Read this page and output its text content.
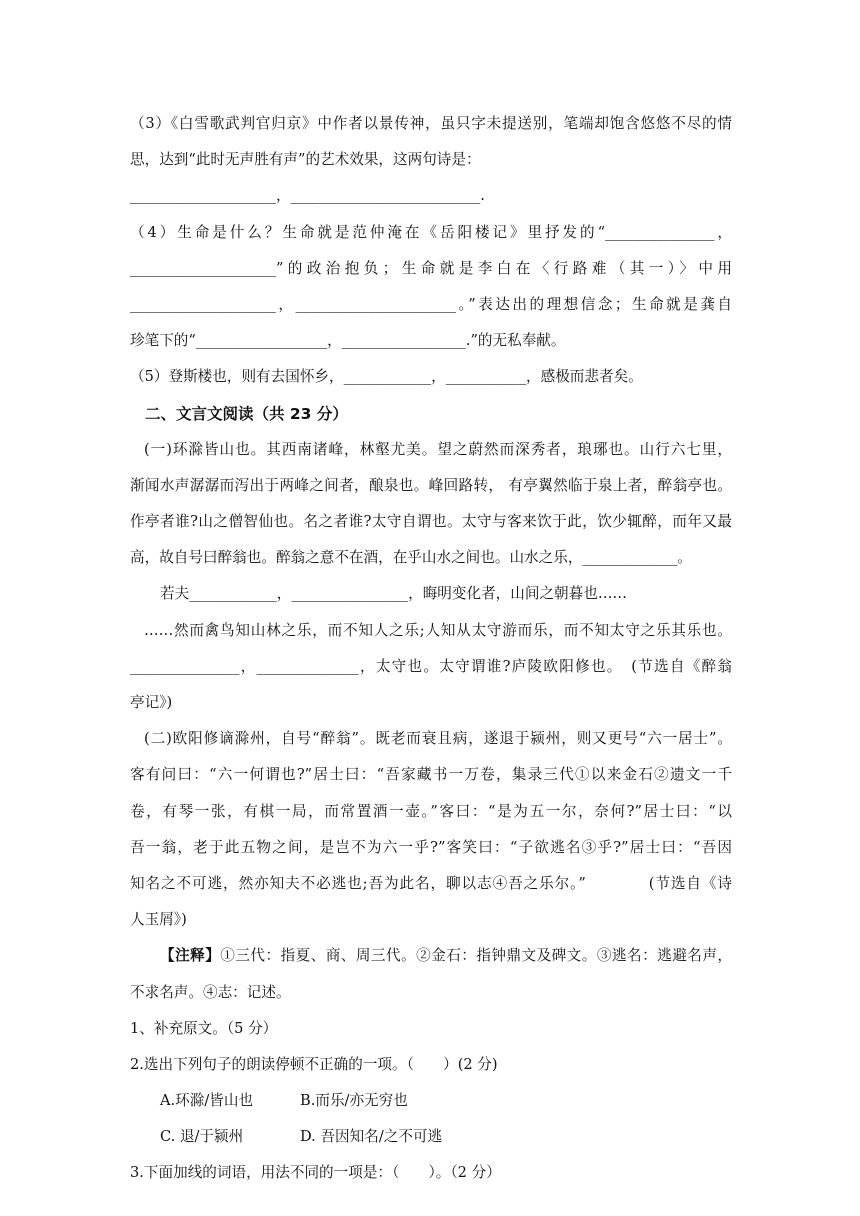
（3）《白雪歌武判官归京》中作者以景传神，虽只字未提送别，笔端却饱含悠悠不尽的情
思，达到“此时无声胜有声”的艺术效果，这两句诗是：
____________________，__________________________.
（4）生命是什么？生命就是范仲淹在《岳阳楼记》里抒发的“_______________，
____________________”的政治抱负；生命就是李白在〈行路难（其一）〉中用
____________________，______________________。”表达出的理想信念；生命就是龚自
珍笔下的“__________________，_________________.”的无私奉献。
（5）登斯楼也，则有去国怀乡，____________，___________，感极而悲者矣。
二、文言文阅读（共 23 分）
(一)环滁皆山也。其西南诸峰，林壑尤美。望之蔚然而深秀者，琅琊也。山行六七里，
渐闻水声潺潺而泻出于两峰之间者，酿泉也。峰回路转， 有亭翼然临于泉上者，醉翁亭也。
作亭者谁?山之僧智仙也。名之者谁?太守自谓也。太守与客来饮于此，饮少辄醉，而年又最
高，故自号曰醉翁也。醉翁之意不在酒，在乎山水之间也。山水之乐，_____________。
若夫____________，________________，晦明变化者，山间之朝暮也……
……然而禽鸟知山林之乐，而不知人之乐;人知从太守游而乐，而不知太守之乐其乐也。
_______________，______________，太守也。太守谓谁?庐陵欧阳修也。　(节选自《醉翁
亭记》)
(二)欧阳修谪滁州，自号“醉翁”。既老而衰且病，遂退于颍州，则又更号“六一居士”。
客有问曰：“六一何谓也?”居士曰：“吾家藏书一万卷，集录三代①以来金石②遗文一千
卷，有琴一张，有棋一局，而常置酒一壶。”客曰：“是为五一尔，奈何?”居士曰：“以
吾一翁，老于此五物之间，是岂不为六一乎?”客笑曰：“子欲逃名③乎?”居士曰：“吾因
知名之不可逃，然亦知夫不必逃也;吾为此名，聊以志④吾之乐尔。”　　　　(节选自《诗
人玉屑》)
【注释】①三代：指夏、商、周三代。②金石：指钟鼎文及碑文。③逃名：逃避名声，
不求名声。④志：记述。
1、补充原文。（5 分）
2.选出下列句子的朗读停顿不正确的一项。（　　）(2 分)
A.环滁/皆山也	B.而乐/亦无穷也
C. 退/于颍州	D. 吾因知名/之不可逃
3.下面加线的词语，用法不同的一项是：（　　）。（2 分）
